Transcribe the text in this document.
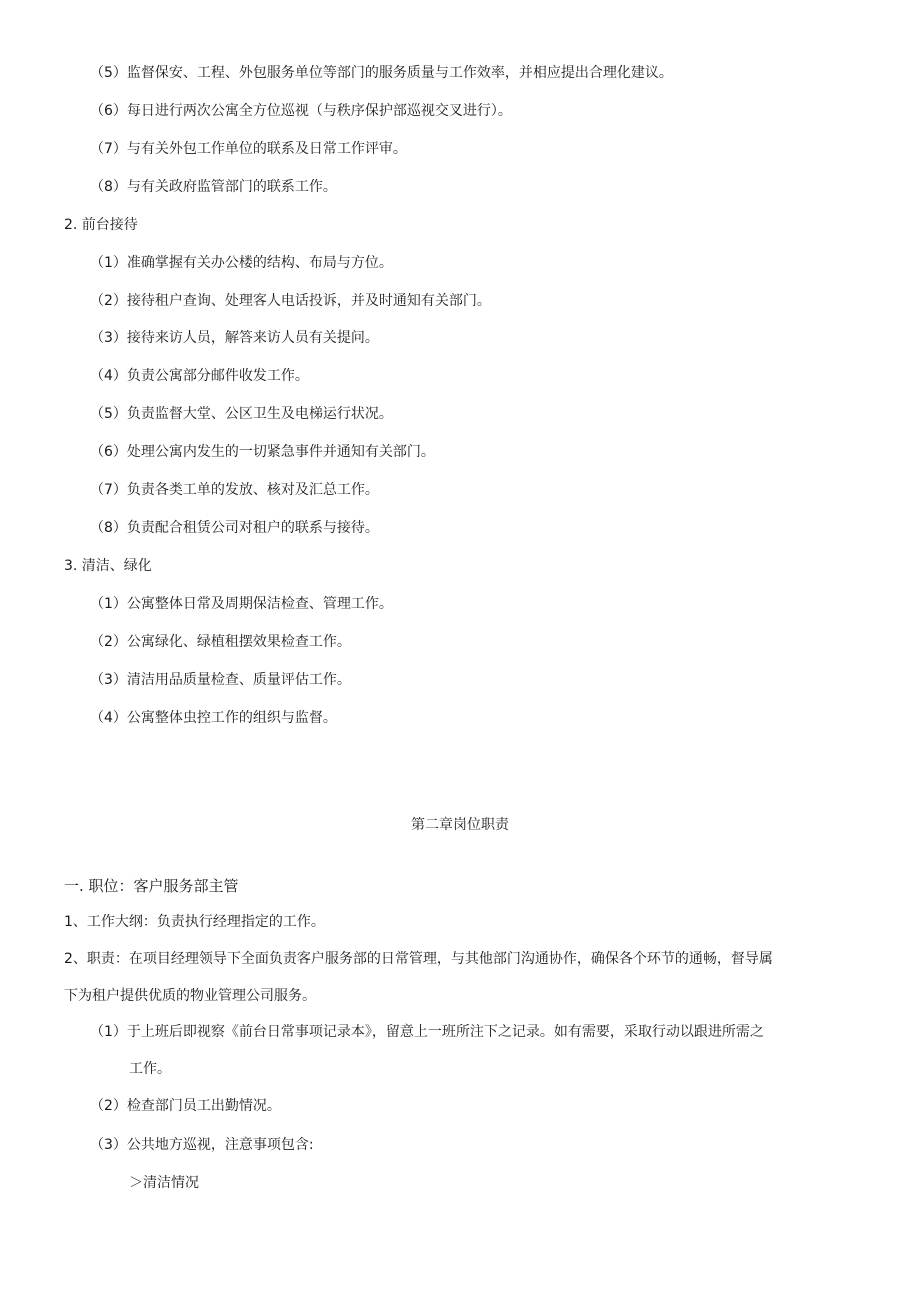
（5）监督保安、工程、外包服务单位等部门的服务质量与工作效率，并相应提出合理化建议。
（6）每日进行两次公寓全方位巡视（与秩序保护部巡视交叉进行）。
（7）与有关外包工作单位的联系及日常工作评审。
（8）与有关政府监管部门的联系工作。
2. 前台接待
（1）准确掌握有关办公楼的结构、布局与方位。
（2）接待租户查询、处理客人电话投诉，并及时通知有关部门。
（3）接待来访人员，解答来访人员有关提问。
（4）负责公寓部分邮件收发工作。
（5）负责监督大堂、公区卫生及电梯运行状况。
（6）处理公寓内发生的一切紧急事件并通知有关部门。
（7）负责各类工单的发放、核对及汇总工作。
（8）负责配合租赁公司对租户的联系与接待。
3. 清洁、绿化
（1）公寓整体日常及周期保洁检查、管理工作。
（2）公寓绿化、绿植租摆效果检查工作。
（3）清洁用品质量检查、质量评估工作。
（4）公寓整体虫控工作的组织与监督。
第二章岗位职责
一. 职位：客户服务部主管
1、工作大纲：负责执行经理指定的工作。
2、职责：在项目经理领导下全面负责客户服务部的日常管理，与其他部门沟通协作，确保各个环节的通畅，督导属
下为租户提供优质的物业管理公司服务。
（1）于上班后即视察《前台日常事项记录本》，留意上一班所注下之记录。如有需要，采取行动以跟进所需之
工作。
（2）检查部门员工出勤情况。
（3）公共地方巡视，注意事项包含:
＞清洁情况
